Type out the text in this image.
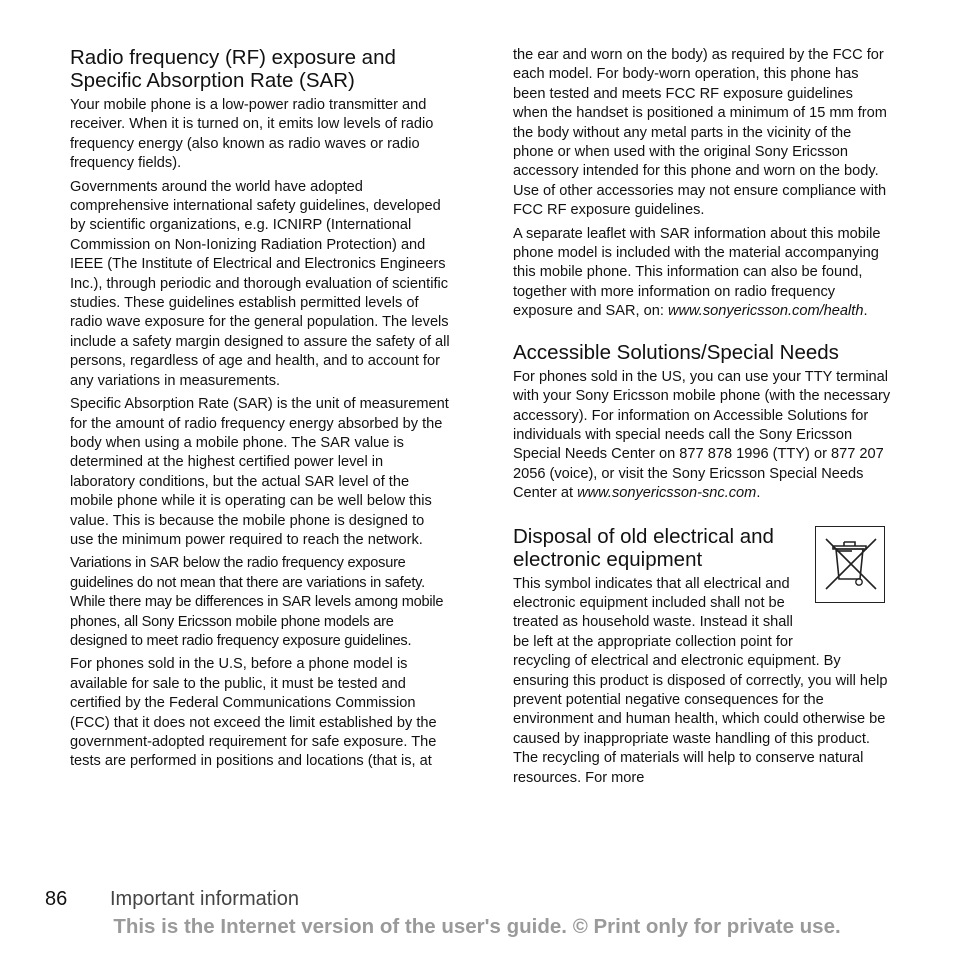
Radio frequency (RF) exposure and Specific Absorption Rate (SAR)

Your mobile phone is a low-power radio transmitter and receiver. When it is turned on, it emits low levels of radio frequency energy (also known as radio waves or radio frequency fields).

Governments around the world have adopted comprehensive international safety guidelines, developed by scientific organizations, e.g. ICNIRP (International Commission on Non-Ionizing Radiation Protection) and IEEE (The Institute of Electrical and Electronics Engineers Inc.), through periodic and thorough evaluation of scientific studies. These guidelines establish permitted levels of radio wave exposure for the general population. The levels include a safety margin designed to assure the safety of all persons, regardless of age and health, and to account for any variations in measurements.

Specific Absorption Rate (SAR) is the unit of measurement for the amount of radio frequency energy absorbed by the body when using a mobile phone. The SAR value is determined at the highest certified power level in laboratory conditions, but the actual SAR level of the mobile phone while it is operating can be well below this value. This is because the mobile phone is designed to use the minimum power required to reach the network.

Variations in SAR below the radio frequency exposure guidelines do not mean that there are variations in safety. While there may be differences in SAR levels among mobile phones, all Sony Ericsson mobile phone models are designed to meet radio frequency exposure guidelines.

For phones sold in the U.S, before a phone model is available for sale to the public, it must be tested and certified by the Federal Communications Commission (FCC) that it does not exceed the limit established by the government-adopted requirement for safe exposure. The tests are performed in positions and locations (that is, at

the ear and worn on the body) as required by the FCC for each model. For body-worn operation, this phone has been tested and meets FCC RF exposure guidelines when the handset is positioned a minimum of 15 mm from the body without any metal parts in the vicinity of the phone or when used with the original Sony Ericsson accessory intended for this phone and worn on the body. Use of other accessories may not ensure compliance with FCC RF exposure guidelines.

A separate leaflet with SAR information about this mobile phone model is included with the material accompanying this mobile phone. This information can also be found, together with more information on radio frequency exposure and SAR, on: www.sonyericsson.com/health.

Accessible Solutions/Special Needs

For phones sold in the US, you can use your TTY terminal with your Sony Ericsson mobile phone (with the necessary accessory). For information on Accessible Solutions for individuals with special needs call the Sony Ericsson Special Needs Center on 877 878 1996 (TTY) or 877 207 2056 (voice), or visit the Sony Ericsson Special Needs Center at www.sonyericsson-snc.com.

Disposal of old electrical and electronic equipment

This symbol indicates that all electrical and electronic equipment included shall not be treated as household waste. Instead it shall be left at the appropriate collection point for recycling of electrical and electronic equipment. By ensuring this product is disposed of correctly, you will help prevent potential negative consequences for the environment and human health, which could otherwise be caused by inappropriate waste handling of this product. The recycling of materials will help to conserve natural resources. For more

86 Important information
This is the Internet version of the user's guide. © Print only for private use.
